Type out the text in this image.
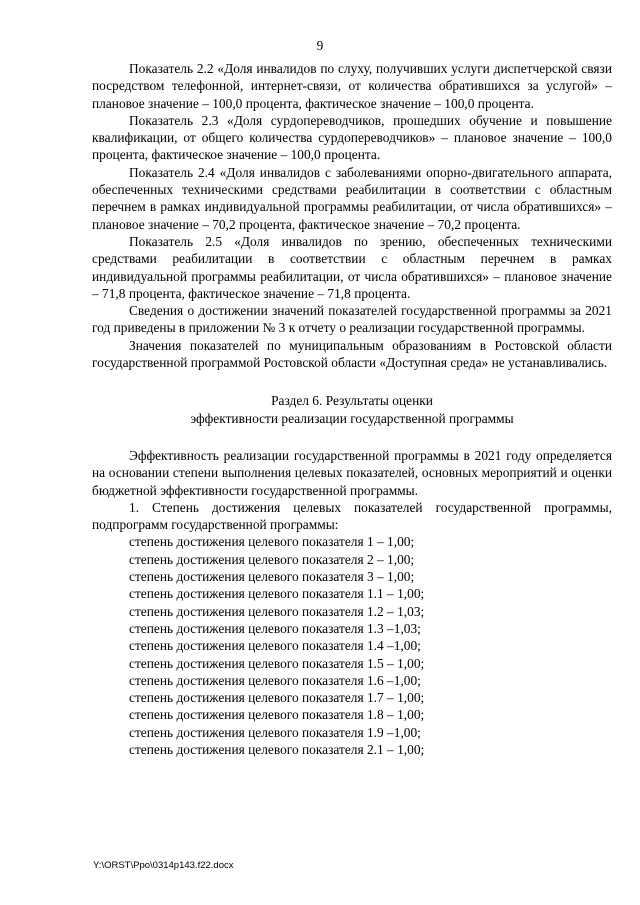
9

Показатель 2.2 «Доля инвалидов по слуху, получивших услуги диспетчерской связи посредством телефонной, интернет-связи, от количества обратившихся за услугой» – плановое значение – 100,0 процента, фактическое значение – 100,0 процента.

Показатель 2.3 «Доля сурдопереводчиков, прошедших обучение и повышение квалификации, от общего количества сурдопереводчиков» – плановое значение – 100,0 процента, фактическое значение – 100,0 процента.

Показатель 2.4 «Доля инвалидов с заболеваниями опорно-двигательного аппарата, обеспеченных техническими средствами реабилитации в соответствии с областным перечнем в рамках индивидуальной программы реабилитации, от числа обратившихся» – плановое значение – 70,2 процента, фактическое значение – 70,2 процента.

Показатель 2.5 «Доля инвалидов по зрению, обеспеченных техническими средствами реабилитации в соответствии с областным перечнем в рамках индивидуальной программы реабилитации, от числа обратившихся» – плановое значение – 71,8 процента, фактическое значение – 71,8 процента.

Сведения о достижении значений показателей государственной программы за 2021 год приведены в приложении № 3 к отчету о реализации государственной программы.

Значения показателей по муниципальным образованиям в Ростовской области государственной программой Ростовской области «Доступная среда» не устанавливались.

Раздел 6. Результаты оценки

эффективности реализации государственной программы

Эффективность реализации государственной программы в 2021 году определяется на основании степени выполнения целевых показателей, основных мероприятий и оценки бюджетной эффективности государственной программы.

1. Степень достижения целевых показателей государственной программы, подпрограмм государственной программы:

степень достижения целевого показателя 1 – 1,00;

степень достижения целевого показателя 2 – 1,00;

степень достижения целевого показателя 3 – 1,00;

степень достижения целевого показателя 1.1 – 1,00;

степень достижения целевого показателя 1.2 – 1,03;

степень достижения целевого показателя 1.3 –1,03;

степень достижения целевого показателя 1.4 –1,00;

степень достижения целевого показателя 1.5 – 1,00;

степень достижения целевого показателя 1.6 –1,00;

степень достижения целевого показателя 1.7 – 1,00;

степень достижения целевого показателя 1.8 – 1,00;

степень достижения целевого показателя 1.9 –1,00;

степень достижения целевого показателя 2.1 – 1,00;

Y:\ORST\Ppo\0314p143.f22.docx
